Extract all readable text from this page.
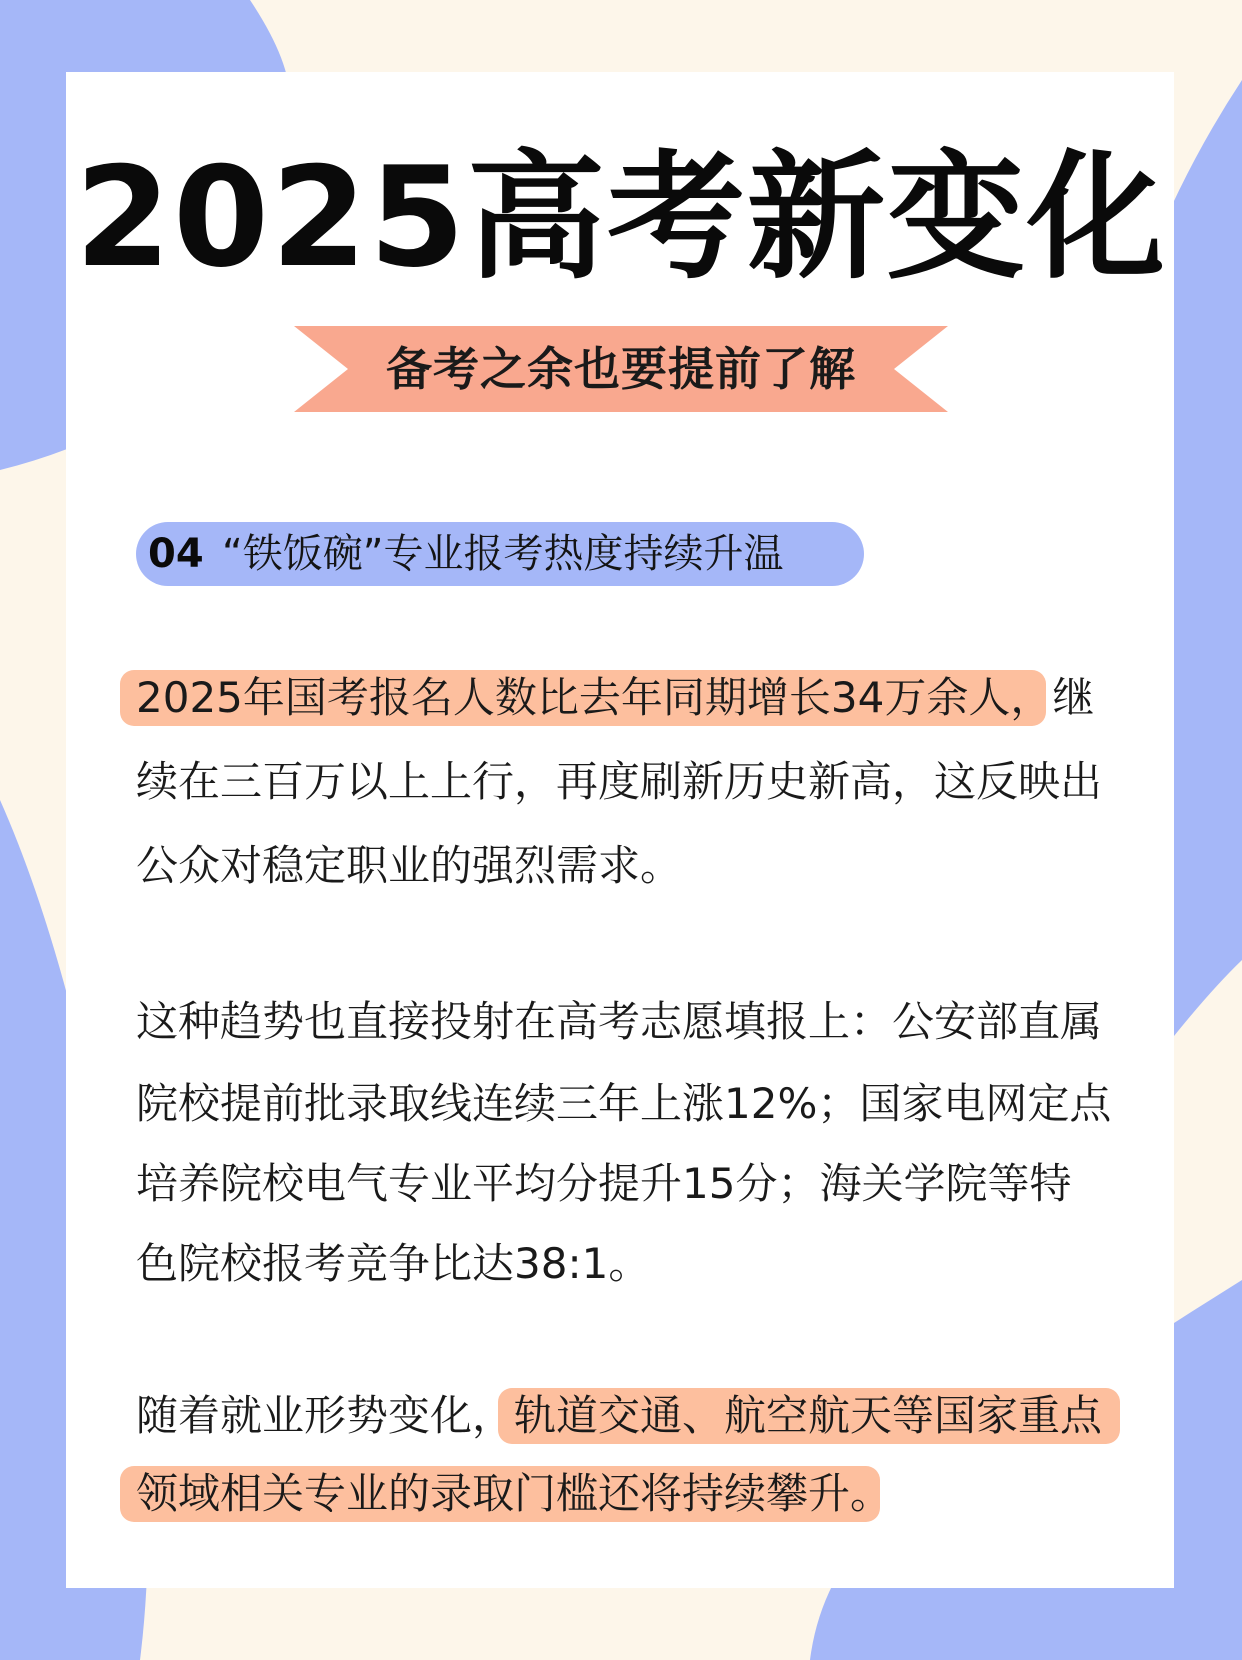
2025高考新变化
备考之余也要提前了解
04 “铁饭碗”专业报考热度持续升温
2025年国考报名人数比去年同期增长34万余人，继
续在三百万以上上行，再度刷新历史新高，这反映出
公众对稳定职业的强烈需求。
这种趋势也直接投射在高考志愿填报上：公安部直属
院校提前批录取线连续三年上涨12%；国家电网定点
培养院校电气专业平均分提升15分；海关学院等特
色院校报考竞争比达38:1。
随着就业形势变化，轨道交通、航空航天等国家重点
领域相关专业的录取门槛还将持续攀升。
